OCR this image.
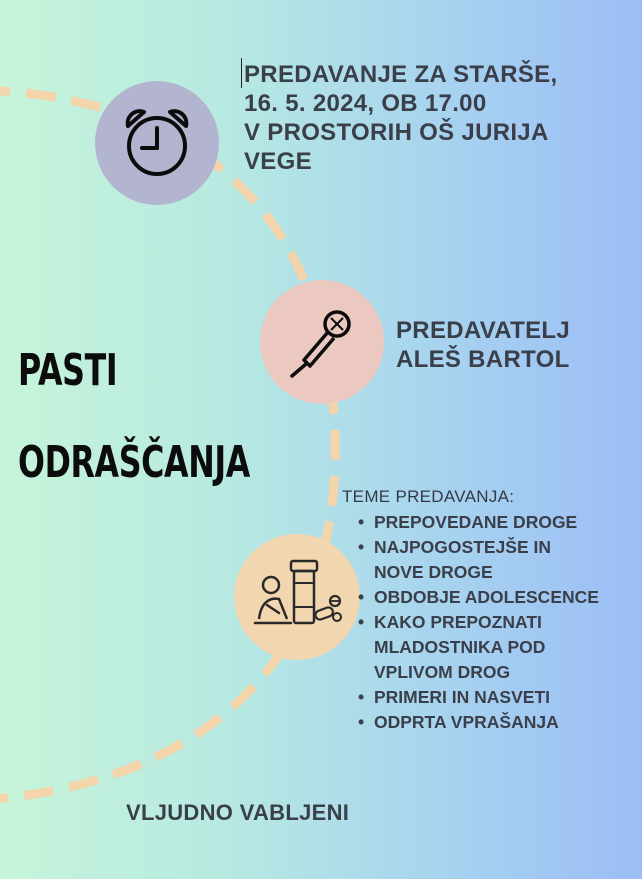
PREDAVANJE ZA STARŠE,
16. 5. 2024, OB 17.00
V PROSTORIH OŠ JURIJA
VEGE
PREDAVATELJ
ALEŠ BARTOL
PASTI
ODRAŠČANJA
TEME PREDAVANJA:
• PREPOVEDANE DROGE
• NAJPOGOSTEJŠE IN
NOVE DROGE
• OBDOBJE ADOLESCENCE
• KAKO PREPOZNATI
MLADOSTNIKA POD
VPLIVOM DROG
• PRIMERI IN NASVETI
• ODPRTA VPRAŠANJA
VLJUDNO VABLJENI
